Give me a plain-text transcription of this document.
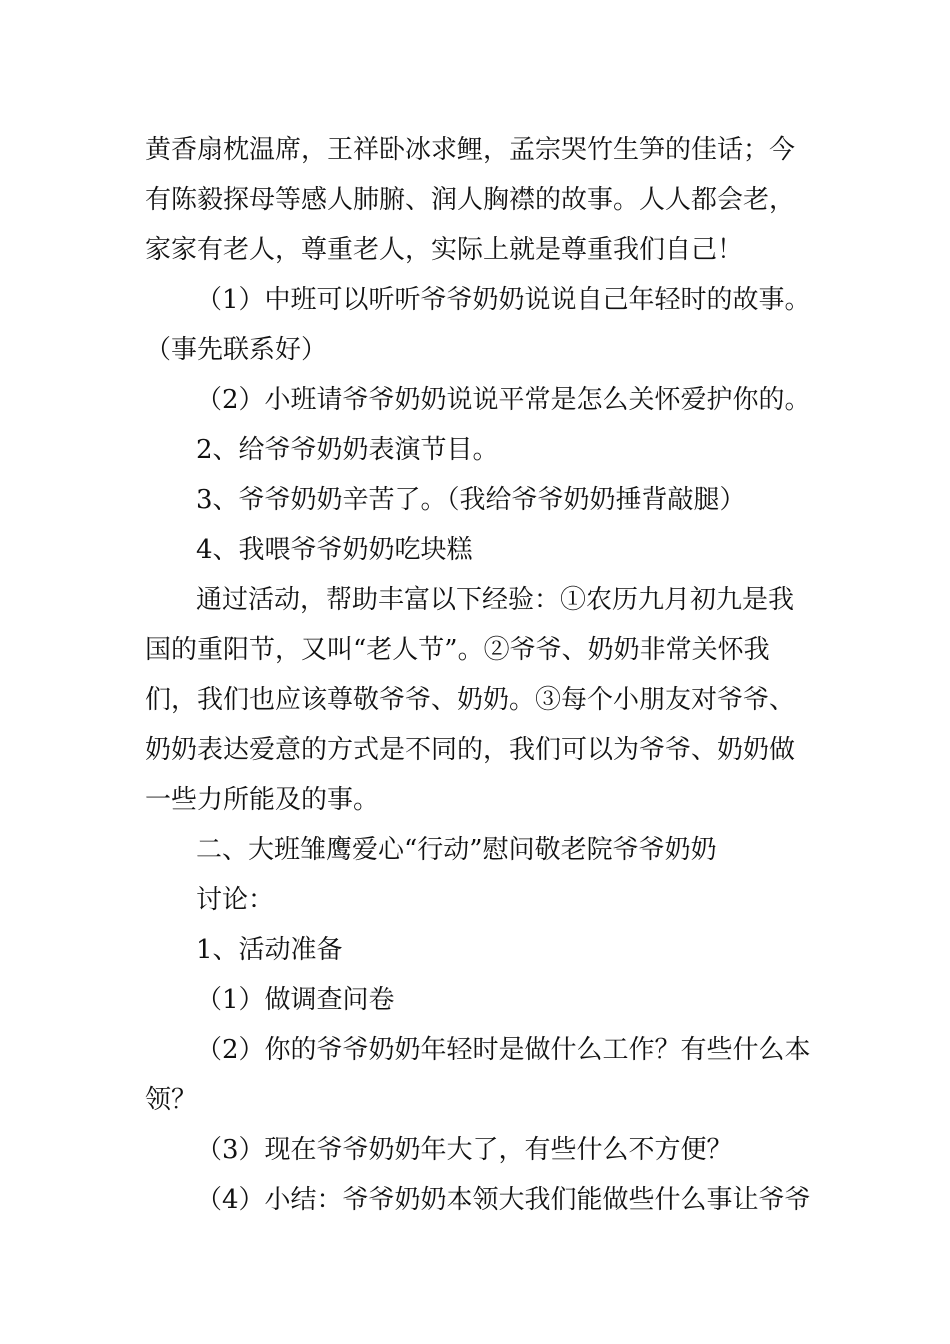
黄香扇枕温席，王祥卧冰求鲤，孟宗哭竹生笋的佳话；今
有陈毅探母等感人肺腑、润人胸襟的故事。人人都会老，
家家有老人，尊重老人，实际上就是尊重我们自己！
（1）中班可以听听爷爷奶奶说说自己年轻时的故事。
（事先联系好）
（2）小班请爷爷奶奶说说平常是怎么关怀爱护你的。
2、给爷爷奶奶表演节目。
3、爷爷奶奶辛苦了。（我给爷爷奶奶捶背敲腿）
4、我喂爷爷奶奶吃块糕
通过活动，帮助丰富以下经验：①农历九月初九是我
国的重阳节，又叫“老人节”。②爷爷、奶奶非常关怀我
们，我们也应该尊敬爷爷、奶奶。③每个小朋友对爷爷、
奶奶表达爱意的方式是不同的，我们可以为爷爷、奶奶做
一些力所能及的事。
二、大班雏鹰爱心“行动”慰问敬老院爷爷奶奶
讨论：
1、活动准备
（1）做调查问卷
（2）你的爷爷奶奶年轻时是做什么工作？有些什么本
领？
（3）现在爷爷奶奶年大了，有些什么不方便？
（4）小结：爷爷奶奶本领大我们能做些什么事让爷爷
